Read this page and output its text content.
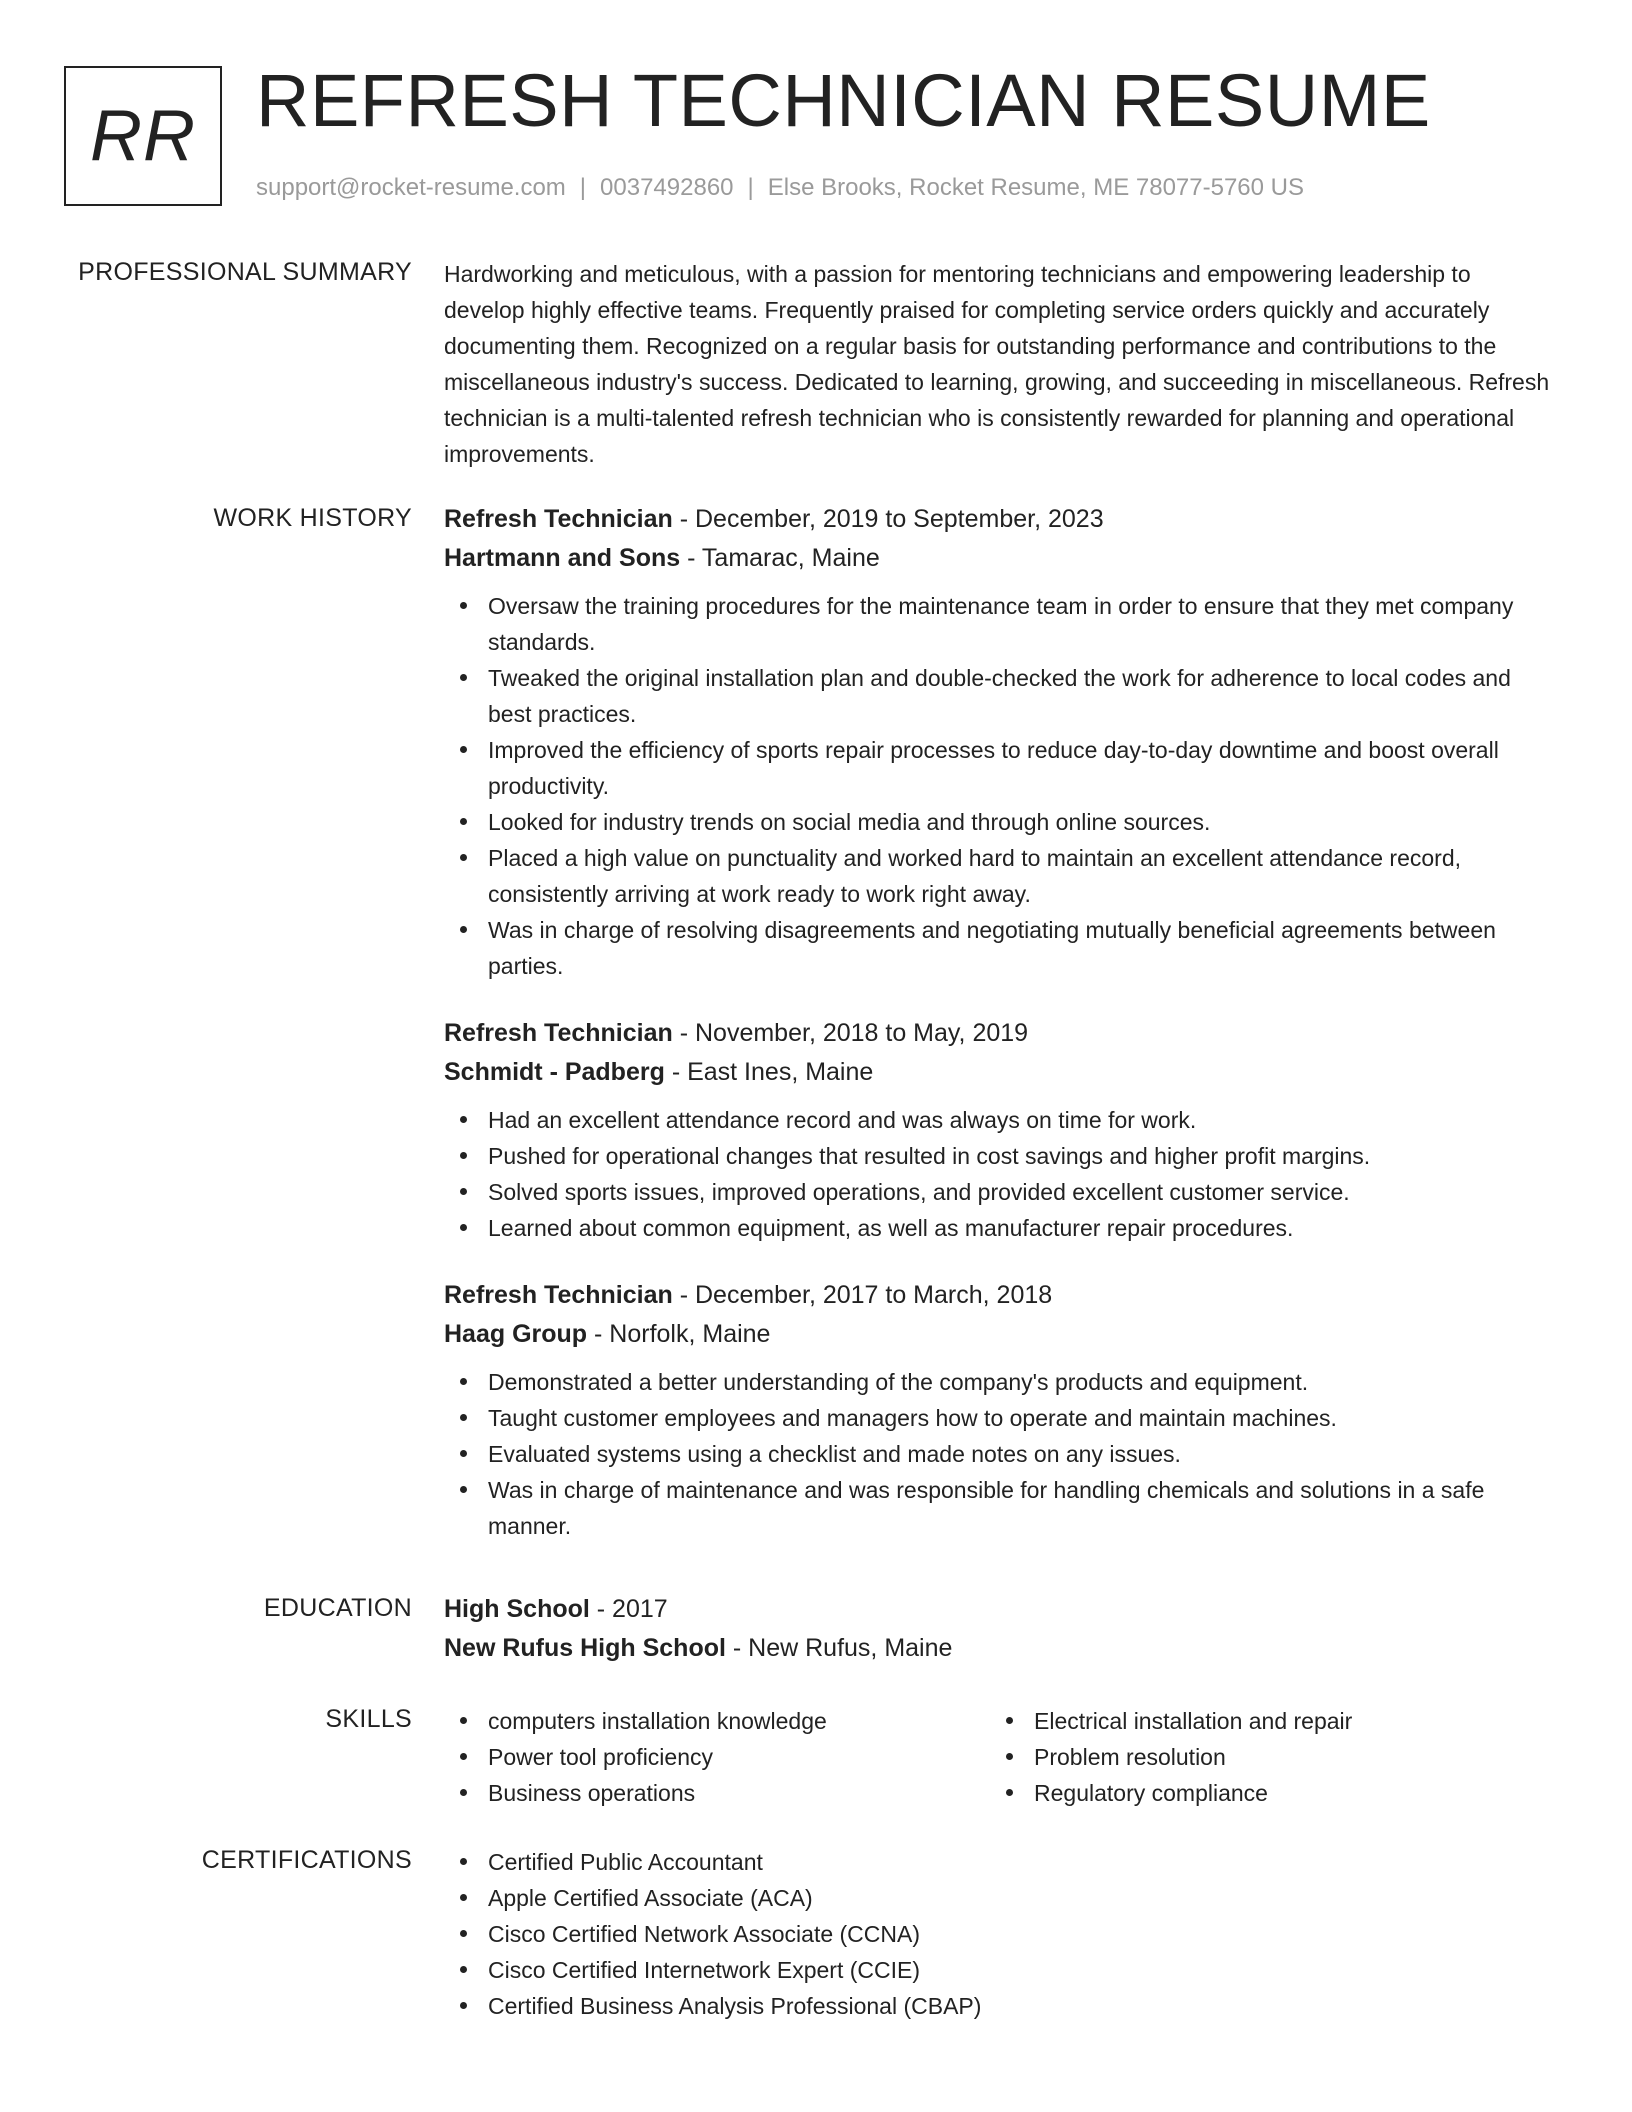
RR REFRESH TECHNICIAN RESUME
support@rocket-resume.com | 0037492860 | Else Brooks, Rocket Resume, ME 78077-5760 US
PROFESSIONAL SUMMARY Hardworking and meticulous, with a passion for mentoring technicians and empowering leadership to develop highly effective teams. Frequently praised for completing service orders quickly and accurately documenting them. Recognized on a regular basis for outstanding performance and contributions to the miscellaneous industry's success. Dedicated to learning, growing, and succeeding in miscellaneous. Refresh technician is a multi-talented refresh technician who is consistently rewarded for planning and operational improvements.

WORK HISTORY Refresh Technician - December, 2019 to September, 2023
Hartmann and Sons - Tamarac, Maine
Oversaw the training procedures for the maintenance team in order to ensure that they met company standards.
Tweaked the original installation plan and double-checked the work for adherence to local codes and best practices.
Improved the efficiency of sports repair processes to reduce day-to-day downtime and boost overall productivity.
Looked for industry trends on social media and through online sources.
Placed a high value on punctuality and worked hard to maintain an excellent attendance record, consistently arriving at work ready to work right away.
Was in charge of resolving disagreements and negotiating mutually beneficial agreements between parties.
Refresh Technician - November, 2018 to May, 2019
Schmidt - Padberg - East Ines, Maine
Had an excellent attendance record and was always on time for work.
Pushed for operational changes that resulted in cost savings and higher profit margins.
Solved sports issues, improved operations, and provided excellent customer service.
Learned about common equipment, as well as manufacturer repair procedures.
Refresh Technician - December, 2017 to March, 2018
Haag Group - Norfolk, Maine
Demonstrated a better understanding of the company's products and equipment.
Taught customer employees and managers how to operate and maintain machines.
Evaluated systems using a checklist and made notes on any issues.
Was in charge of maintenance and was responsible for handling chemicals and solutions in a safe manner.
EDUCATION High School - 2017
New Rufus High School - New Rufus, Maine
SKILLS	computers installation knowledge
Power tool proficiency
Business operations
Electrical installation and repair
Problem resolution
Regulatory compliance
CERTIFICATIONS	Certified Public Accountant
Apple Certified Associate (ACA)
Cisco Certified Network Associate (CCNA)
Cisco Certified Internetwork Expert (CCIE)
Certified Business Analysis Professional (CBAP)
